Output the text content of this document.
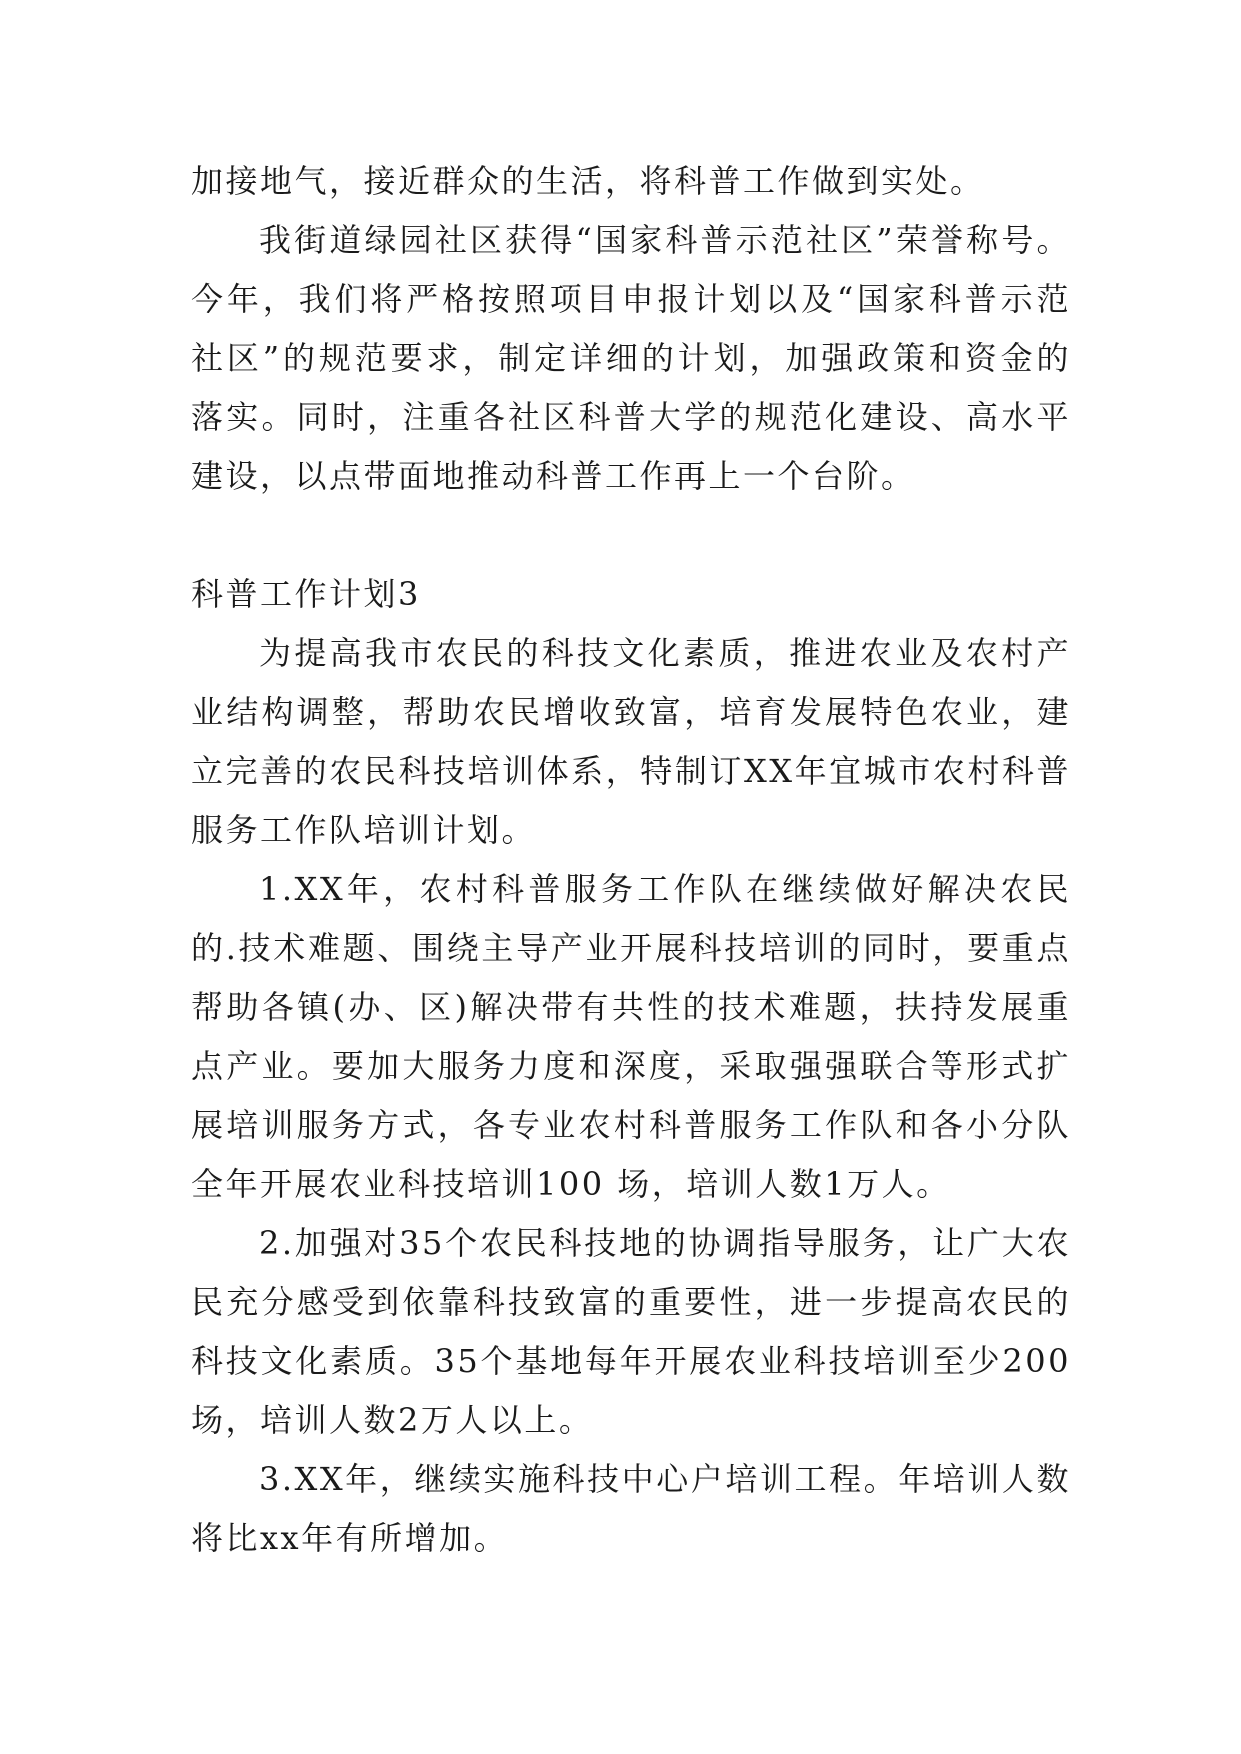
加接地气，接近群众的生活，将科普工作做到实处。

我街道绿园社区获得“国家科普示范社区”荣誉称号。今年，我们将严格按照项目申报计划以及“国家科普示范社区”的规范要求，制定详细的计划，加强政策和资金的落实。同时，注重各社区科普大学的规范化建设、高水平建设，以点带面地推动科普工作再上一个台阶。

科普工作计划3

为提高我市农民的科技文化素质，推进农业及农村产业结构调整，帮助农民增收致富，培育发展特色农业，建立完善的农民科技培训体系，特制订XX年宜城市农村科普服务工作队培训计划。

1.XX年，农村科普服务工作队在继续做好解决农民的.技术难题、围绕主导产业开展科技培训的同时，要重点帮助各镇(办、区)解决带有共性的技术难题，扶持发展重点产业。要加大服务力度和深度，采取强强联合等形式扩展培训服务方式，各专业农村科普服务工作队和各小分队全年开展农业科技培训100 场，培训人数1万人。

2.加强对35个农民科技地的协调指导服务，让广大农民充分感受到依靠科技致富的重要性，进一步提高农民的科技文化素质。35个基地每年开展农业科技培训至少200场，培训人数2万人以上。

3.XX年，继续实施科技中心户培训工程。年培训人数将比xx年有所增加。
